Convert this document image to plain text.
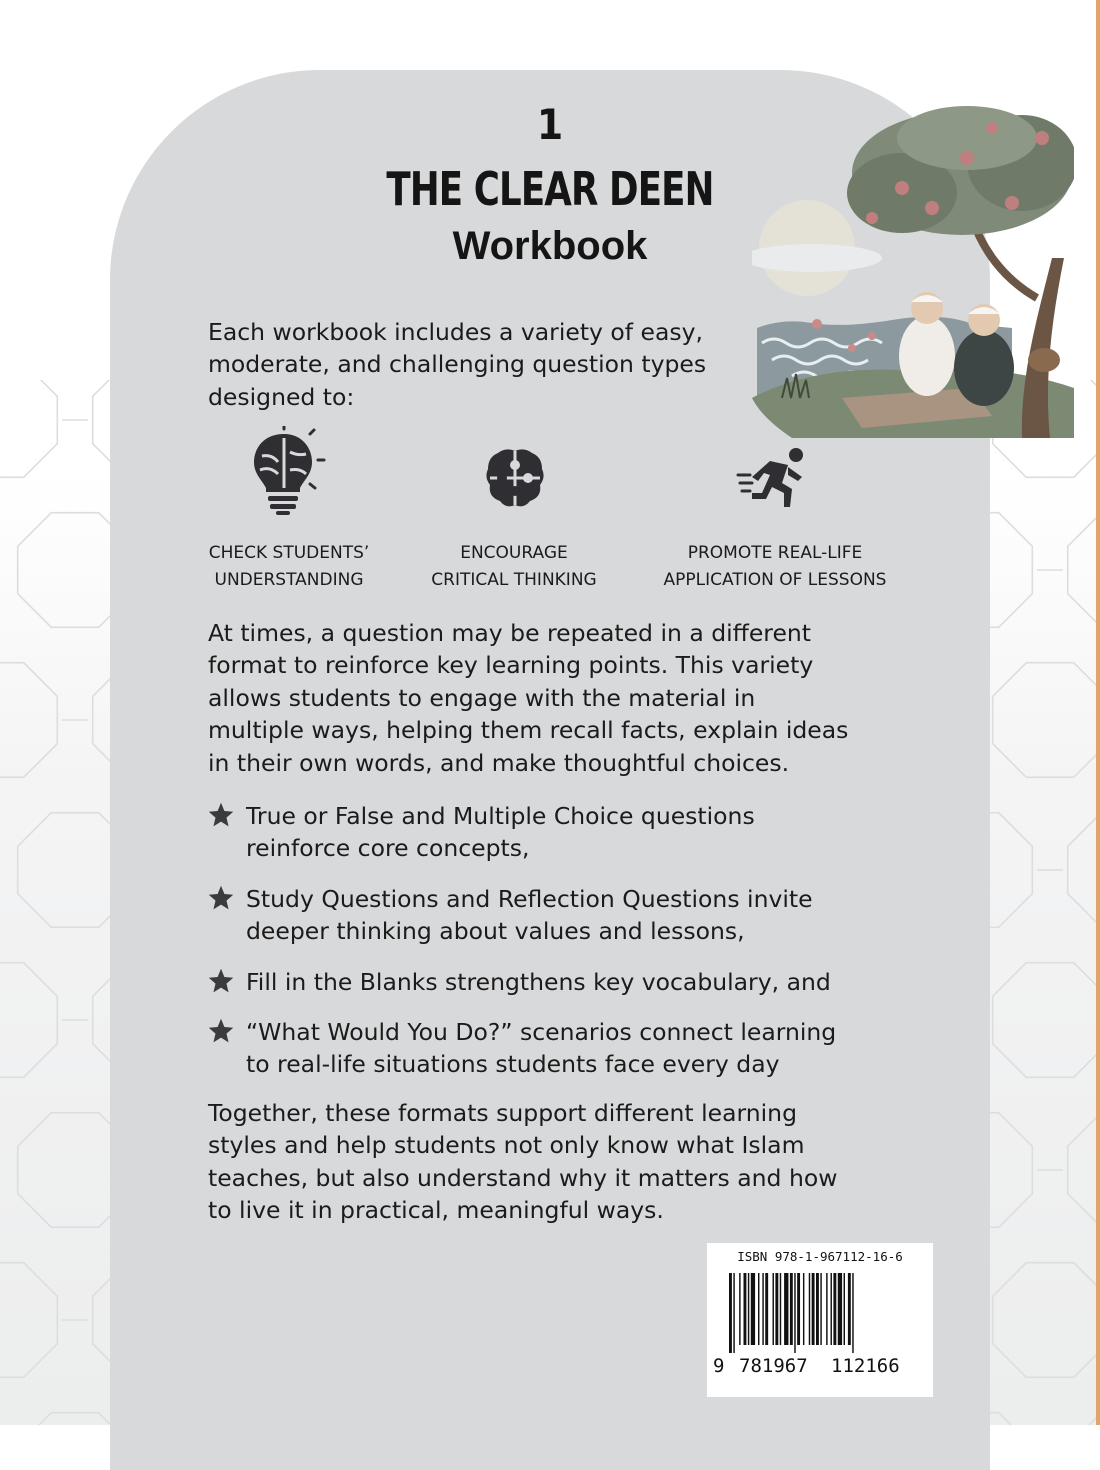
1
THE CLEAR DEEN
Workbook

Each workbook includes a variety of easy,
moderate, and challenging question types
designed to:

CHECK STUDENTS’
UNDERSTANDING

ENCOURAGE
CRITICAL THINKING

PROMOTE REAL-LIFE
APPLICATION OF LESSONS

At times, a question may be repeated in a different
format to reinforce key learning points. This variety
allows students to engage with the material in
multiple ways, helping them recall facts, explain ideas
in their own words, and make thoughtful choices.

True or False and Multiple Choice questions
reinforce core concepts,

Study Questions and Reflection Questions invite
deeper thinking about values and lessons,

Fill in the Blanks strengthens key vocabulary, and

“What Would You Do?” scenarios connect learning
to real-life situations students face every day

Together, these formats support different learning
styles and help students not only know what Islam
teaches, but also understand why it matters and how
to live it in practical, meaningful ways.

ISBN 978-1-967112-16-6

9 781967 112166
